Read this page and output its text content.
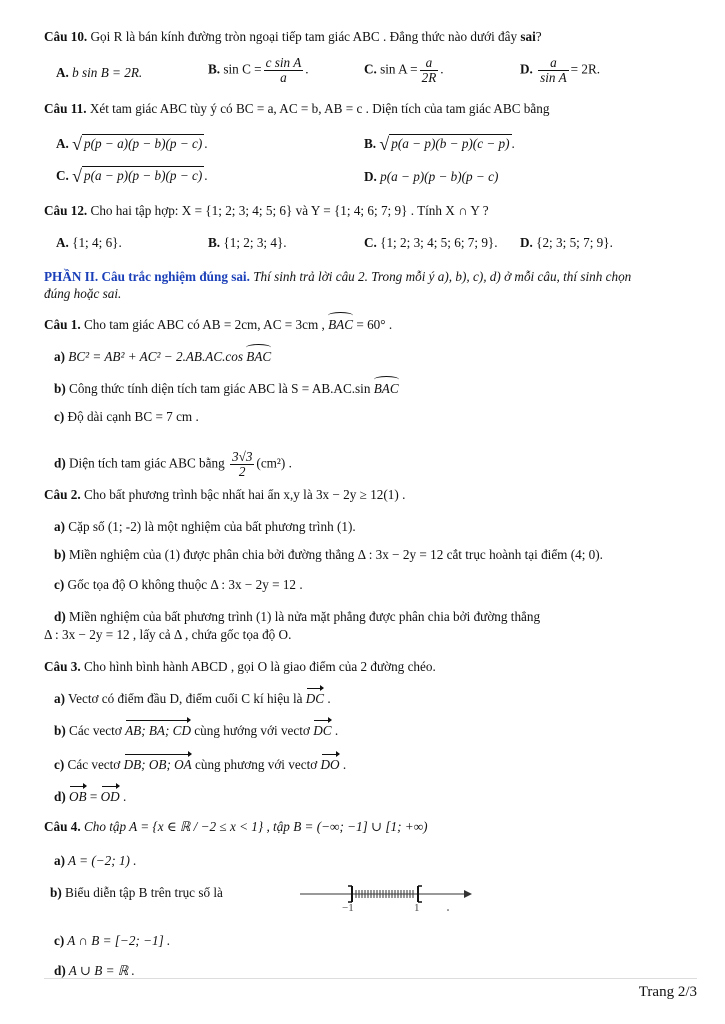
Câu 10. Gọi R là bán kính đường tròn ngoại tiếp tam giác ABC . Đẳng thức nào dưới đây sai?
A. b sin B = 2R.	B. $\sin C = \frac{\text{c sin A}}{a}$ .	C. $\sin A = \frac{a}{2R}$ .	D. $\frac{a}{\text{sin A}} = 2R$.
Câu 11. Xét tam giác ABC tùy ý có BC = a, AC = b, AB = c . Diện tích của tam giác ABC bằng
A. √ p(p − a)(p − b)(p − c) .	B. √ p(a − p)(b − p)(c − p) .
C. √ p(a − p)(p − b)(p − c) .	D. p(a − p)(p − b)(p − c)
Câu 12. Cho hai tập hợp: X = {1; 2; 3; 4; 5; 6} và Y = {1; 4; 6; 7; 9} . Tính X ∩ Y ?
A. {1; 4; 6}.	B. {1; 2; 3; 4}.	C. {1; 2; 3; 4; 5; 6; 7; 9}. D. {2; 3; 5; 7; 9}.
PHẦN II. Câu trắc nghiệm đúng sai. Thí sinh trả lời câu 2. Trong mỗi ý a), b), c), d) ở mỗi câu, thí sinh chọn
đúng hoặc sai.
Câu 1. Cho tam giác ABC có AB = 2cm, AC = 3cm , BAC = 60° .
a) BC² = AB² + AC² − 2.AB.AC.cos BAC
b) Công thức tính diện tích tam giác ABC là S = AB.AC.sin BAC
c) Độ dài cạnh BC = 7 cm .
d) Diện tích tam giác ABC bằng $\frac{3√3}{2} (cm^2)$ .
Câu 2. Cho bất phương trình bậc nhất hai ẩn x,y là 3x − 2y ≥ 12(1) .
a) Cặp số (1; -2) là một nghiệm của bất phương trình (1).
b) Miền nghiệm của (1) được phân chia bởi đường thẳng Δ : 3x − 2y = 12 cắt trục hoành tại điểm (4; 0).
c) Gốc tọa độ O không thuộc Δ : 3x − 2y = 12 .
d) Miền nghiệm của bất phương trình (1) là nửa mặt phẳng được phân chia bởi đường thẳng
Δ : 3x − 2y = 12 , lấy cả Δ , chứa gốc tọa độ O.
Câu 3. Cho hình bình hành ABCD , gọi O là giao điểm của 2 đường chéo.
a) Vectơ có điểm đầu D, điểm cuối C kí hiệu là DC .
b) Các vectơ AB; BA; CD cùng hướng với vectơ DC .
c) Các vectơ DB; OB; OA cùng phương với vectơ DO .
d) OB = OD .
Câu 4. Cho tập A = {x ∈ ℝ / −2 ≤ x < 1} , tập B = (−∞; −1] ∪ [1; +∞)
a) A = (−2; 1) .
b) Biểu diễn tập B trên trục số là
c) A ∩ B = [−2; −1] .
d) A ∪ B = ℝ .
−1	1
Trang 2/3
